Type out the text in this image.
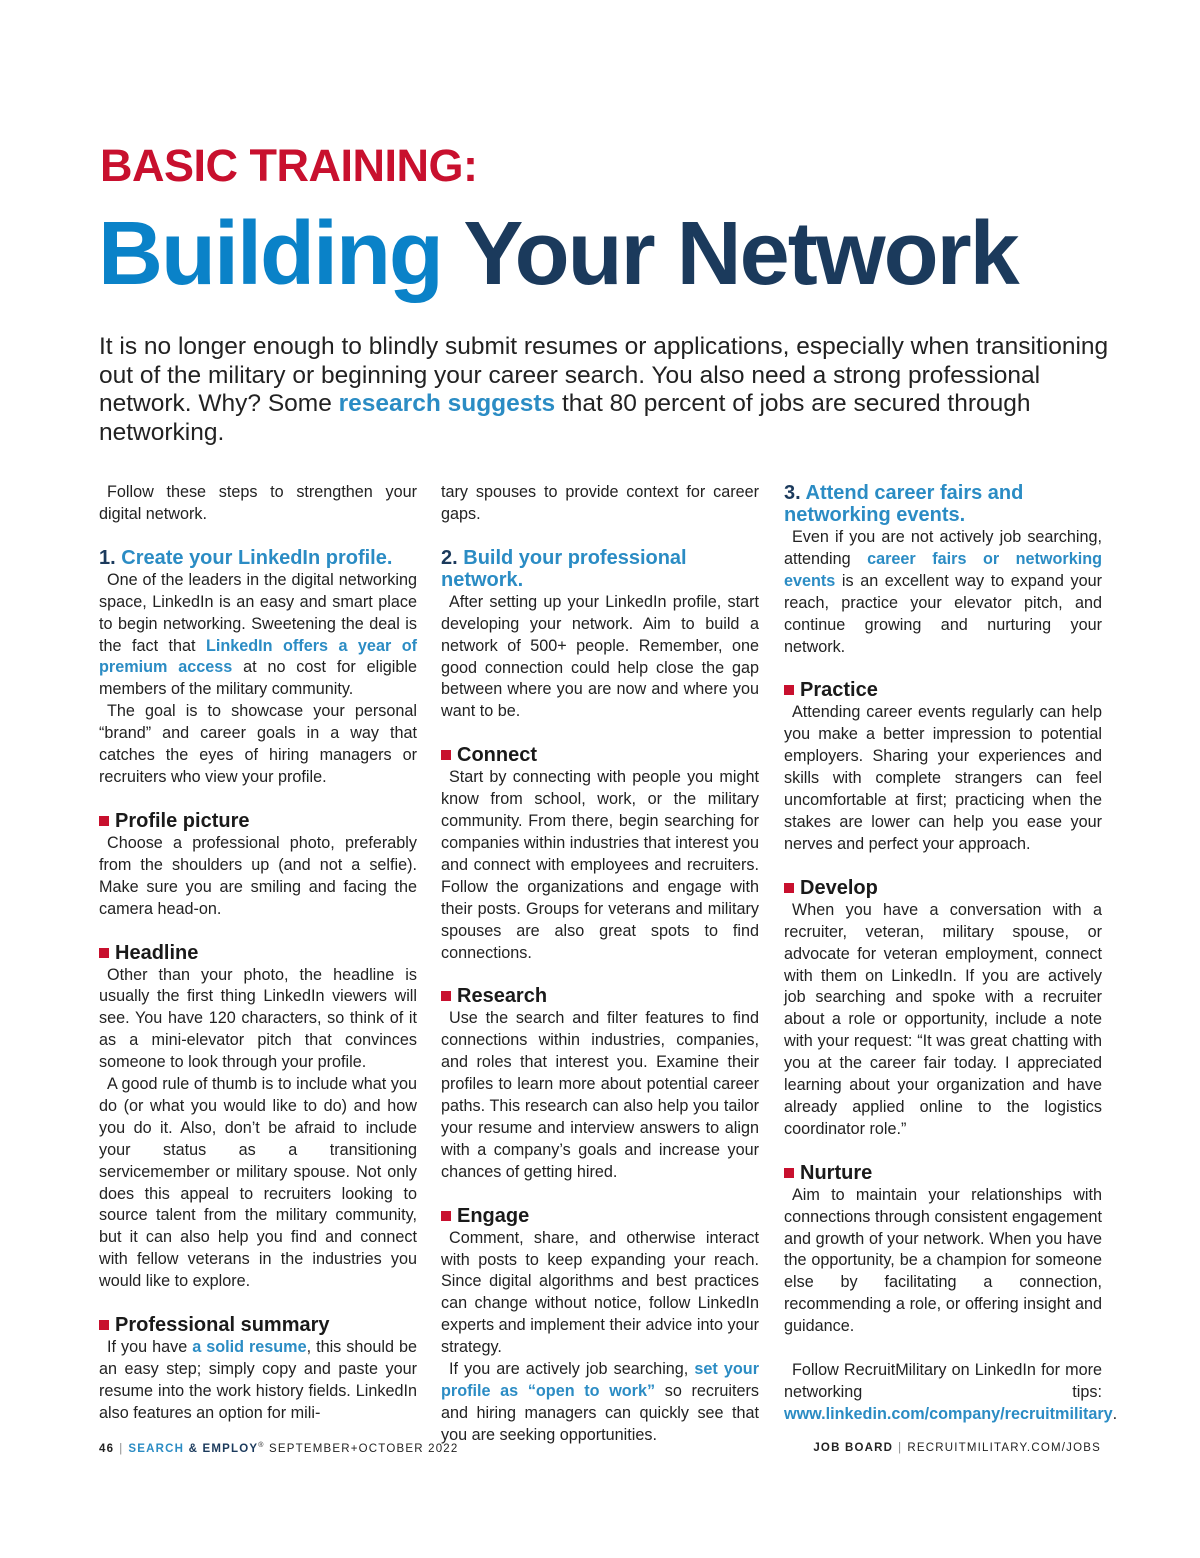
BASIC TRAINING:
Building Your Network

It is no longer enough to blindly submit resumes or applications, especially when transitioning out of the military or beginning your career search. You also need a strong professional network. Why? Some research suggests that 80 percent of jobs are secured through networking.

Follow these steps to strengthen your digital network.

1. Create your LinkedIn profile.

One of the leaders in the digital networking space, LinkedIn is an easy and smart place to begin networking. Sweetening the deal is the fact that LinkedIn offers a year of premium access at no cost for eligible members of the military community.

The goal is to showcase your personal “brand” and career goals in a way that catches the eyes of hiring managers or recruiters who view your profile.

Profile picture

Choose a professional photo, preferably from the shoulders up (and not a selfie). Make sure you are smiling and facing the camera head-on.

Headline

Other than your photo, the headline is usually the first thing LinkedIn viewers will see. You have 120 characters, so think of it as a mini-elevator pitch that convinces someone to look through your profile.

A good rule of thumb is to include what you do (or what you would like to do) and how you do it. Also, don’t be afraid to include your status as a transitioning servicemember or military spouse. Not only does this appeal to recruiters looking to source talent from the military community, but it can also help you find and connect with fellow veterans in the industries you would like to explore.

Professional summary

If you have a solid resume, this should be an easy step; simply copy and paste your resume into the work history fields. LinkedIn also features an option for mili-

tary spouses to provide context for career gaps.

2. Build your professional network.

After setting up your LinkedIn profile, start developing your network. Aim to build a network of 500+ people. Remember, one good connection could help close the gap between where you are now and where you want to be.

Connect

Start by connecting with people you might know from school, work, or the military community. From there, begin searching for companies within industries that interest you and connect with employees and recruiters. Follow the organizations and engage with their posts. Groups for veterans and military spouses are also great spots to find connections.

Research

Use the search and filter features to find connections within industries, companies, and roles that interest you. Examine their profiles to learn more about potential career paths. This research can also help you tailor your resume and interview answers to align with a company’s goals and increase your chances of getting hired.

Engage

Comment, share, and otherwise interact with posts to keep expanding your reach. Since digital algorithms and best practices can change without notice, follow LinkedIn experts and implement their advice into your strategy.

If you are actively job searching, set your profile as “open to work” so recruiters and hiring managers can quickly see that you are seeking opportunities.

3. Attend career fairs and networking events.

Even if you are not actively job searching, attending career fairs or networking events is an excellent way to expand your reach, practice your elevator pitch, and continue growing and nurturing your network.

Practice

Attending career events regularly can help you make a better impression to potential employers. Sharing your experiences and skills with complete strangers can feel uncomfortable at first; practicing when the stakes are lower can help you ease your nerves and perfect your approach.

Develop

When you have a conversation with a recruiter, veteran, military spouse, or advocate for veteran employment, connect with them on LinkedIn. If you are actively job searching and spoke with a recruiter about a role or opportunity, include a note with your request: “It was great chatting with you at the career fair today. I appreciated learning about your organization and have already applied online to the logistics coordinator role.”

Nurture

Aim to maintain your relationships with connections through consistent engagement and growth of your network. When you have the opportunity, be a champion for someone else by facilitating a connection, recommending a role, or offering insight and guidance.

Follow RecruitMilitary on LinkedIn for more networking tips: www.linkedin.com/company/recruitmilitary.

46 | SEARCH & EMPLOY® SEPTEMBER+OCTOBER 2022	JOB BOARD | RECRUITMILITARY.COM/JOBS
